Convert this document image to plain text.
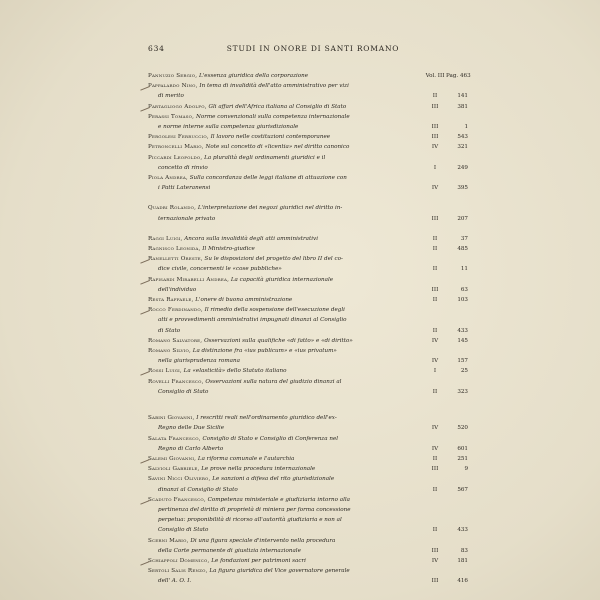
634	STUDI IN ONORE DI SANTI ROMANO
Pannuzio Sergio, L'essenza giuridica della corporazione	Vol. III Pag. 463
Pappalardo Nino, In tema di invalidità dell'atto amministrativo per vizi
di merito	II	141
Partagliogo Adolfo, Gli affari dell'Africa italiana al Consiglio di Stato	III	381
Perassi Tomaso, Norme convenzionali sulla competenza internazionale
e norme interne sulla competenza giurisdizionale	III	1
Pergolesi Ferruccio, Il lavoro nelle costituzioni contemporanee	III	543
Petroncelli Mario, Note sul concetto di «licentia» nel diritto canonico	IV	321
Piccardi Leopoldo, La pluralità degli ordinamenti giuridici e il
concetto di rinvio	I	249
Piola Andrea, Sulla concordanza delle leggi italiane di attuazione con
i Patti Lateranensi	IV	395
Quadri Rolando, L'interpretazione dei negozi giuridici nel diritto in-
ternazionale privato	III	207
Raggi Luigi, Ancora sulla invalidità degli atti amministrativi	II	37
Ragnisco Leonida, Il Ministro-giudice	II	485
Ranelletti Oreste, Su le disposizioni del progetto del libro II del co-
dice civile, concernenti le «cose pubbliche»	II	11
Rapisardi Mirabelli Andrea, La capacità giuridica internazionale
dell'individuo	III	63
Resta Raffaele, L'onere di buona amministrazione	II	103
Rocco Ferdinando, Il rimedio della sospensione dell'esecuzione degli
atti e provvedimenti amministrativi impugnati dinanzi al Consiglio
di Stato	II	433
Romano Salvatore, Osservazioni sulla qualifiche «di fatto» e «di diritto»	IV	145
Romano Silvio, La distinzione fra «ius publicum» e «ius privatum»
nella giurisprudenza romana	IV	157
Rossi Luigi, La «elasticità» dello Statuto italiano	I	25
Rovelli Francesco, Osservazioni sulla natura del giudizio dinanzi al
Consiglio di Stato	II	323
Sabini Giovanni, I rescritti reali nell'ordinamento giuridico dell'ex-
Regno delle Due Sicilie	IV	520
Salata Francesco, Consiglio di Stato e Consiglio di Conferenza nel
Regno di Carlo Alberto	IV	601
Salemi Giovanni, La riforma comunale e l'autarchia	II	251
Salvioli Gabriele, Le prove nella procedura internazionale	III	9
Savini Nicci Oliviero, Le sanzioni a difesa del rito giurisdizionale
dinanzi al Consiglio di Stato	II	567
Scaduto Francesco, Competenza ministeriale e giudiziaria intorno alla
pertinenza del diritto di proprietà di miniera per forma concessione
perpetua: proponibilità di ricorso all'autorità giudiziaria e non al
Consiglio di Stato	II	433
Scerni Mario, Di una figura speciale d'intervento nella procedura
della Corte permanente di giustizia internazionale	III	83
Schiappoli Domenico, Le fondazioni per patrimoni sacri	IV	181
Sertoli Salis Renzo, La figura giuridica del Vice governatore generale
dell' A. O. I.	III	416
